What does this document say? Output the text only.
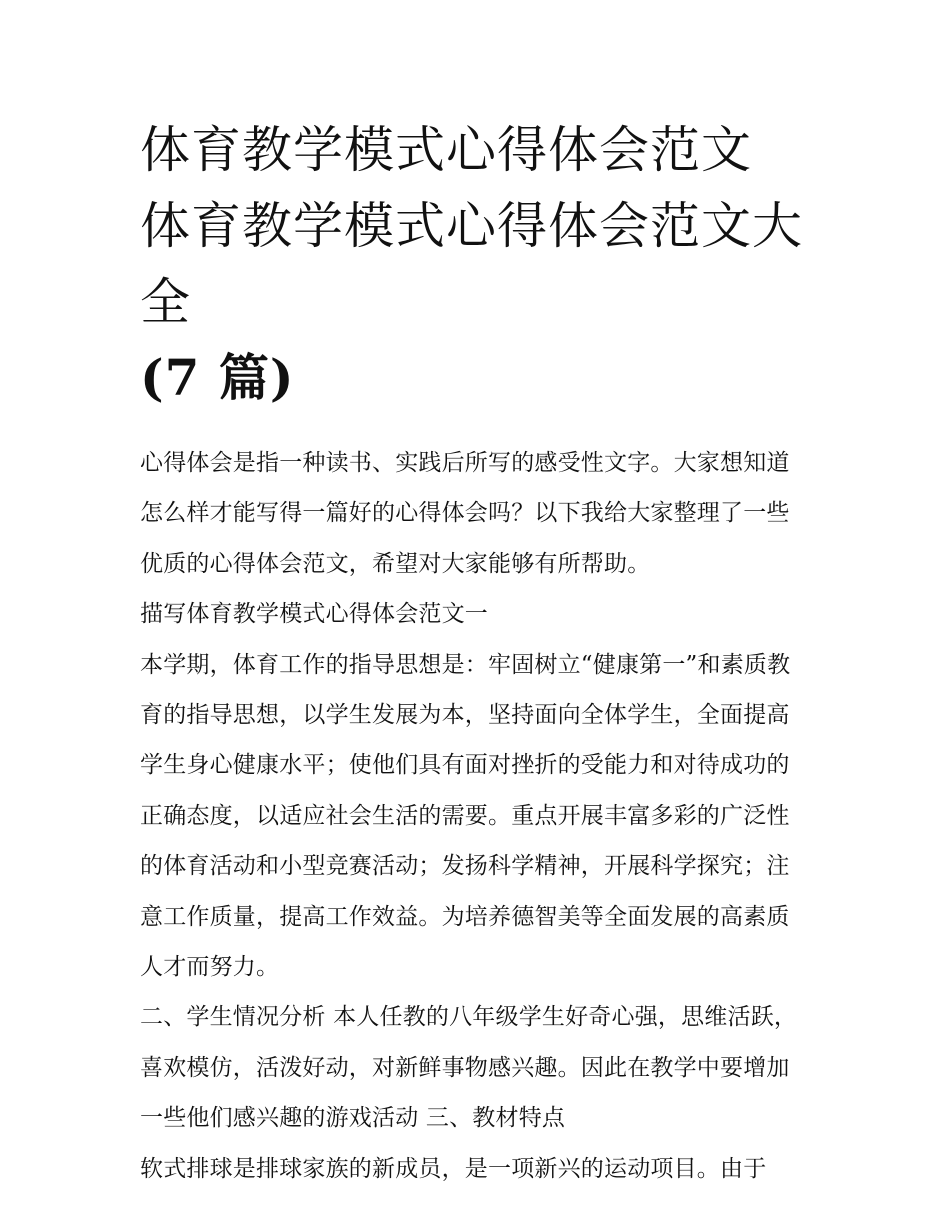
体育教学模式心得体会范文 体育教学模式心得体会范文大全
(7 篇)

心得体会是指一种读书、实践后所写的感受性文字。大家想知道怎么样才能写得一篇好的心得体会吗？以下我给大家整理了一些优质的心得体会范文，希望对大家能够有所帮助。

描写体育教学模式心得体会范文一

本学期，体育工作的指导思想是：牢固树立“健康第一”和素质教育的指导思想，以学生发展为本，坚持面向全体学生，全面提高学生身心健康水平；使他们具有面对挫折的受能力和对待成功的正确态度，以适应社会生活的需要。重点开展丰富多彩的广泛性的体育活动和小型竞赛活动；发扬科学精神，开展科学探究；注意工作质量，提高工作效益。为培养德智美等全面发展的高素质人才而努力。

二、学生情况分析 本人任教的八年级学生好奇心强，思维活跃，喜欢模仿，活泼好动，对新鲜事物感兴趣。因此在教学中要增加一些他们感兴趣的游戏活动 三、教材特点

软式排球是排球家族的新成员，是一项新兴的运动项目。由于
